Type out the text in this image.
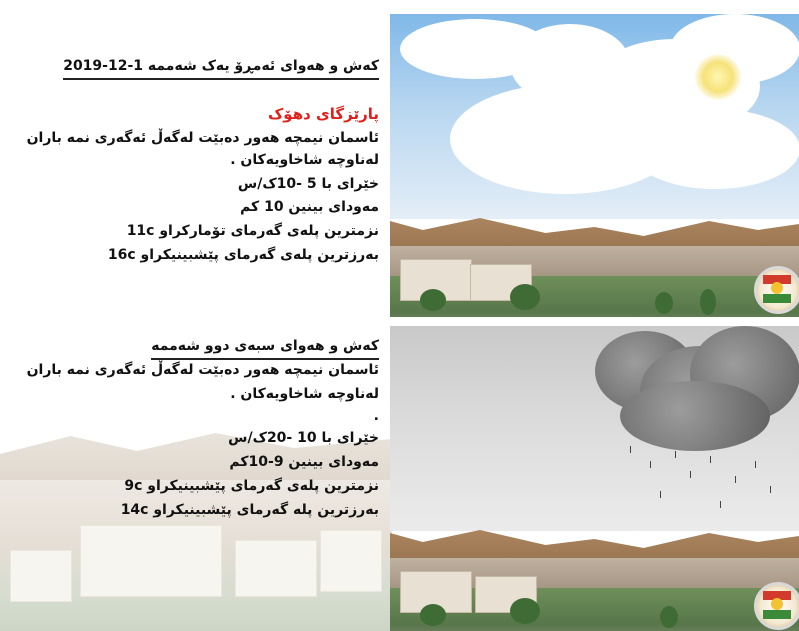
کەش و هەوای ئەمڕۆ یەک شەممە 1-12-2019
پارێزگای دهۆک
ئاسمان نیمچە هەور دەبێت لەگەڵ ئەگەری نمە باران
لەناوچە شاخاویەکان .
خێرای با 5 -10ک/س
مەودای بینین 10 کم
نزمترین پلەی گەرمای تۆمارکراو 11c
بەرزترین پلەی گەرمای پێشبینیکراو 16c
کەش و هەوای سبەی دوو شەممە
ئاسمان نیمچە هەور دەبێت لەگەڵ ئەگەری نمە باران
لەناوچە شاخاویەکان .
.
خێرای با 10 -20ک/س
مەودای بینین 9-10کم
نزمترین پلەی گەرمای پێشبینیکراو 9c
بەرزترین پلە گەرمای پێشبینیکراو 14c
